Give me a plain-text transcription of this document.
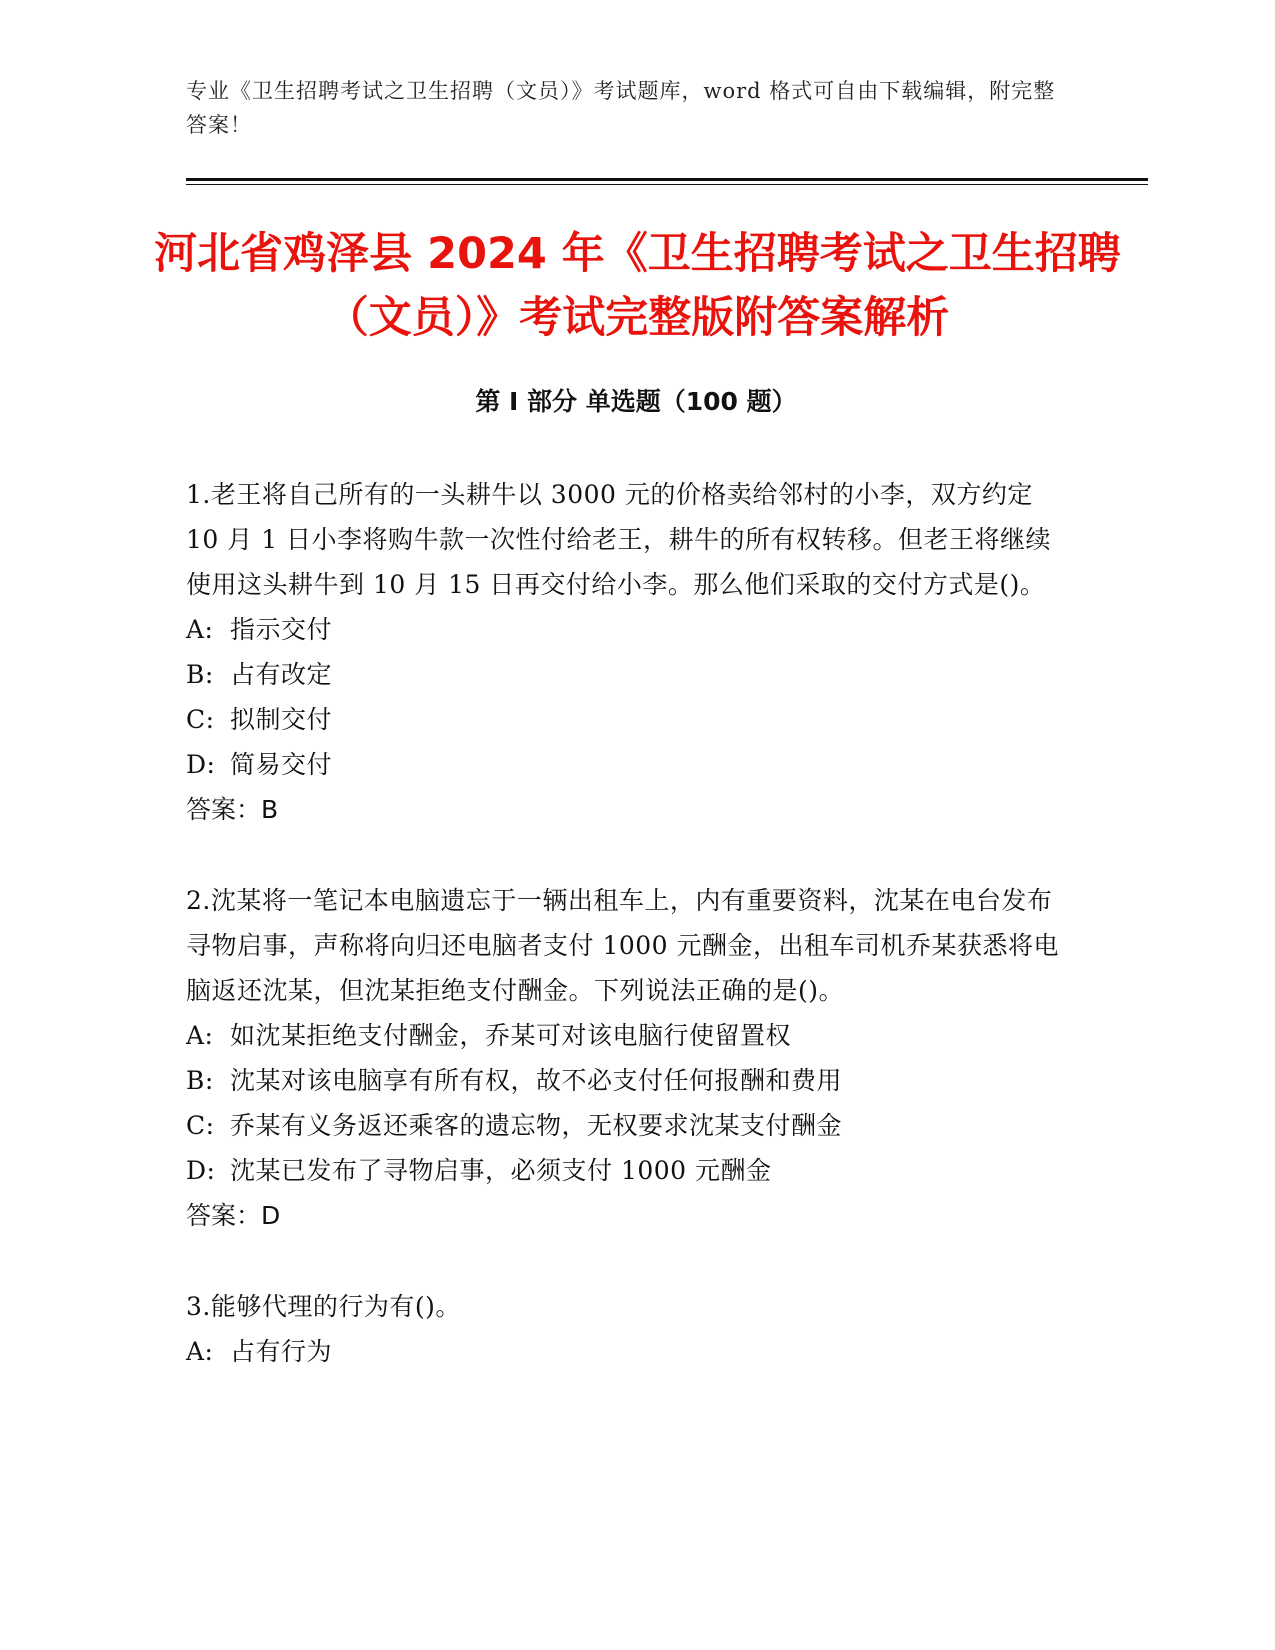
专业《卫生招聘考试之卫生招聘（文员）》考试题库，word 格式可自由下载编辑，附完整答案！
河北省鸡泽县 2024 年《卫生招聘考试之卫生招聘（文员）》考试完整版附答案解析
第 I 部分 单选题（100 题）
1.老王将自己所有的一头耕牛以 3000 元的价格卖给邻村的小李，双方约定 10 月 1 日小李将购牛款一次性付给老王，耕牛的所有权转移。但老王将继续使用这头耕牛到 10 月 15 日再交付给小李。那么他们采取的交付方式是()。
A: 指示交付
B: 占有改定
C: 拟制交付
D: 简易交付
答案：B
2.沈某将一笔记本电脑遗忘于一辆出租车上，内有重要资料，沈某在电台发布寻物启事，声称将向归还电脑者支付 1000 元酬金，出租车司机乔某获悉将电脑返还沈某，但沈某拒绝支付酬金。下列说法正确的是()。
A: 如沈某拒绝支付酬金，乔某可对该电脑行使留置权
B: 沈某对该电脑享有所有权，故不必支付任何报酬和费用
C: 乔某有义务返还乘客的遗忘物，无权要求沈某支付酬金
D: 沈某已发布了寻物启事，必须支付 1000 元酬金
答案：D
3.能够代理的行为有()。
A: 占有行为
